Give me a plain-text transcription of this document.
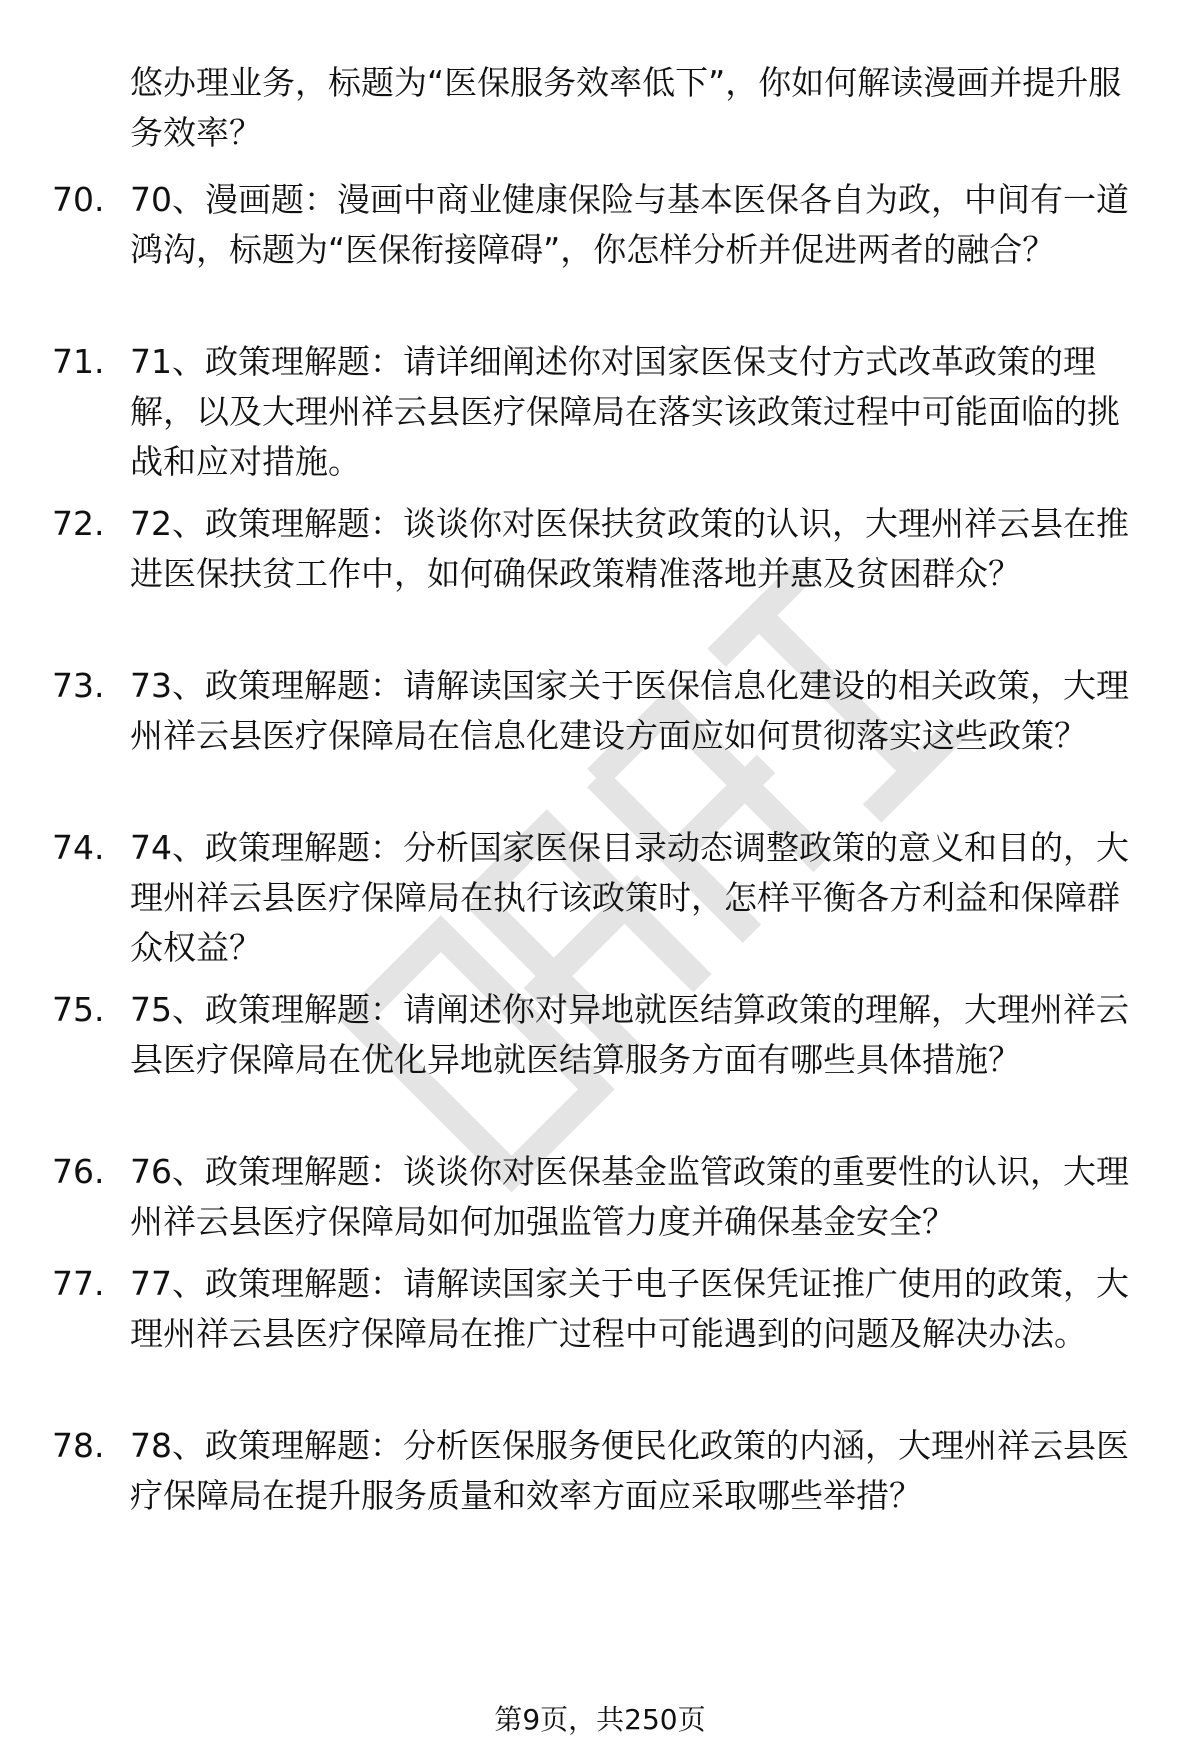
悠办理业务，标题为“医保服务效率低下”，你如何解读漫画并提升服务效率？
70. 70、漫画题：漫画中商业健康保险与基本医保各自为政，中间有一道鸿沟，标题为“医保衔接障碍”，你怎样分析并促进两者的融合？
71. 71、政策理解题：请详细阐述你对国家医保支付方式改革政策的理解，以及大理州祥云县医疗保障局在落实该政策过程中可能面临的挑战和应对措施。
72. 72、政策理解题：谈谈你对医保扶贫政策的认识，大理州祥云县在推进医保扶贫工作中，如何确保政策精准落地并惠及贫困群众？
73. 73、政策理解题：请解读国家关于医保信息化建设的相关政策，大理州祥云县医疗保障局在信息化建设方面应如何贯彻落实这些政策？
74. 74、政策理解题：分析国家医保目录动态调整政策的意义和目的，大理州祥云县医疗保障局在执行该政策时，怎样平衡各方利益和保障群众权益？
75. 75、政策理解题：请阐述你对异地就医结算政策的理解，大理州祥云县医疗保障局在优化异地就医结算服务方面有哪些具体措施？
76. 76、政策理解题：谈谈你对医保基金监管政策的重要性的认识，大理州祥云县医疗保障局如何加强监管力度并确保基金安全？
77. 77、政策理解题：请解读国家关于电子医保凭证推广使用的政策，大理州祥云县医疗保障局在推广过程中可能遇到的问题及解决办法。
78. 78、政策理解题：分析医保服务便民化政策的内涵，大理州祥云县医疗保障局在提升服务质量和效率方面应采取哪些举措？
第9页，共250页
